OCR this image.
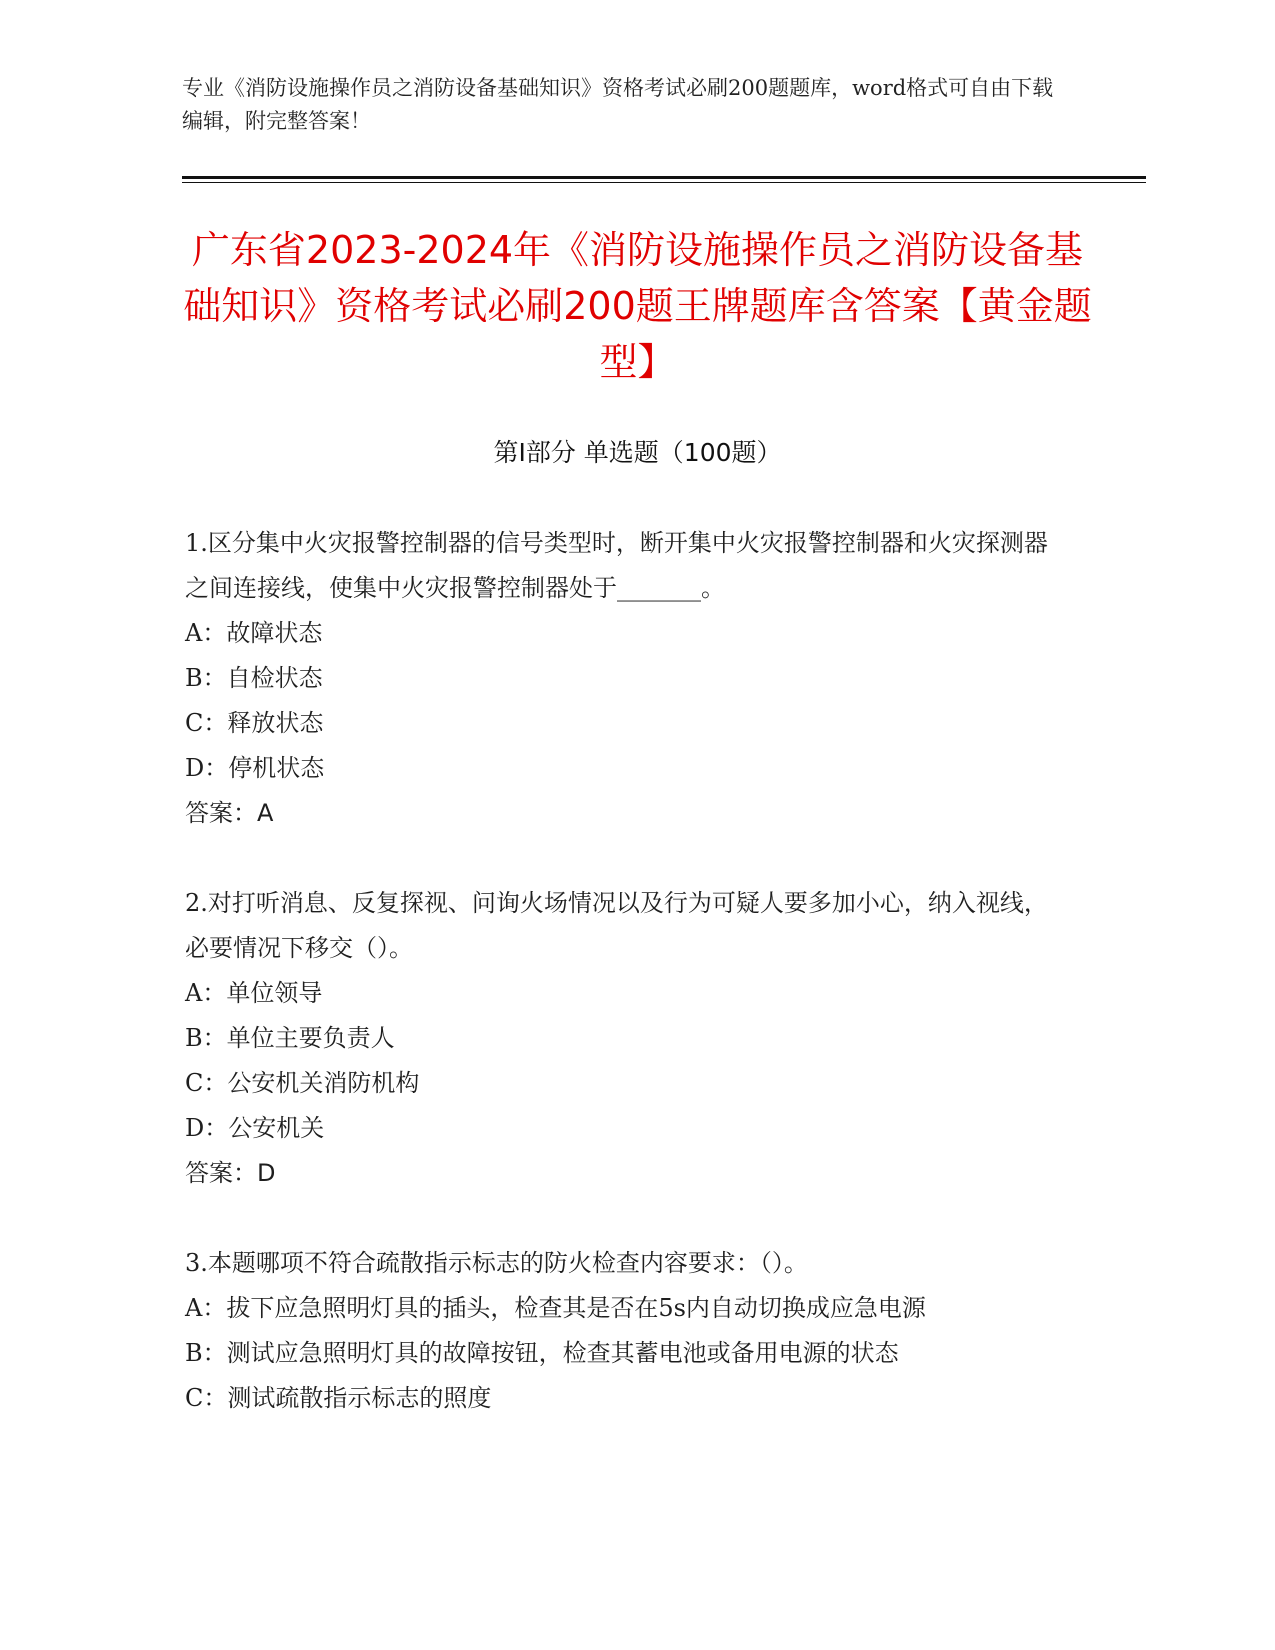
专业《消防设施操作员之消防设备基础知识》资格考试必刷200题题库，word格式可自由下载编辑，附完整答案！
广东省2023-2024年《消防设施操作员之消防设备基础知识》资格考试必刷200题王牌题库含答案【黄金题型】
第Ⅰ部分 单选题（100题）

1.区分集中火灾报警控制器的信号类型时，断开集中火灾报警控制器和火灾探测器之间连接线，使集中火灾报警控制器处于_______。

A：故障状态

B：自检状态

C：释放状态

D：停机状态

答案：A

2.对打听消息、反复探视、问询火场情况以及行为可疑人要多加小心，纳入视线，必要情况下移交（）。

A：单位领导

B：单位主要负责人

C：公安机关消防机构

D：公安机关

答案：D

3.本题哪项不符合疏散指示标志的防火检查内容要求：（）。

A：拔下应急照明灯具的插头，检查其是否在5s内自动切换成应急电源

B：测试应急照明灯具的故障按钮，检查其蓄电池或备用电源的状态

C：测试疏散指示标志的照度
